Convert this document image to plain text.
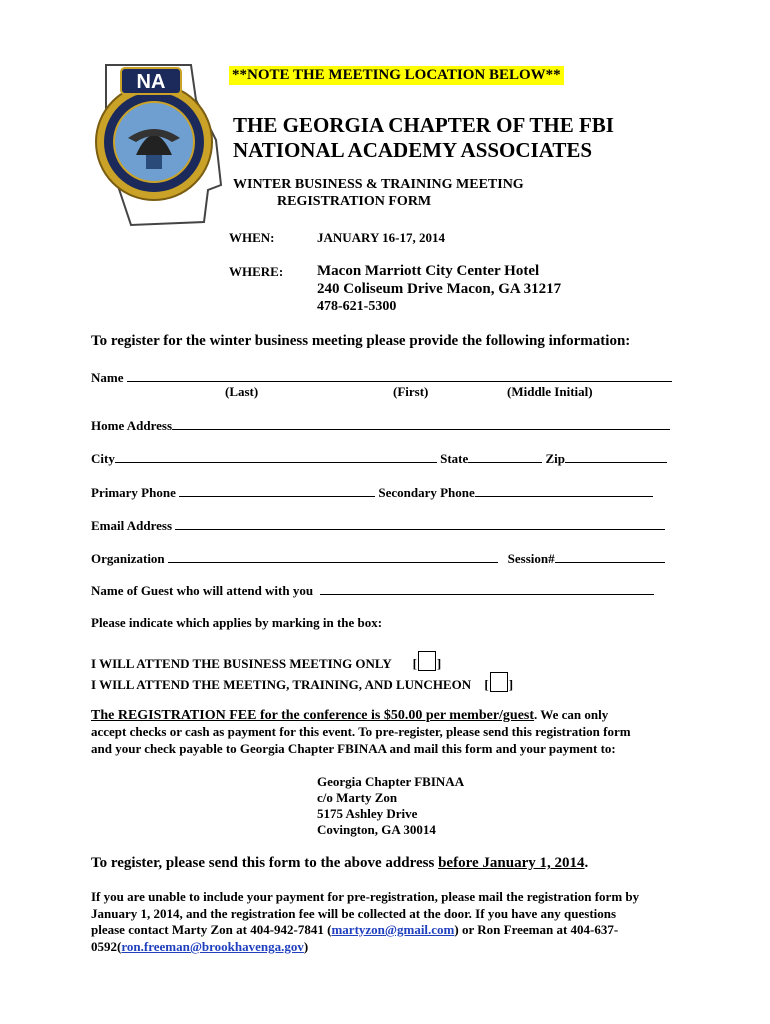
NA	**NOTE THE MEETING LOCATION BELOW**
THE GEORGIA CHAPTER OF THE FBI
NATIONAL ACADEMY ASSOCIATES
WINTER BUSINESS & TRAINING MEETING
REGISTRATION FORM
WHEN:	JANUARY 16-17, 2014
WHERE: Macon Marriott City Center Hotel
240 Coliseum Drive Macon, GA 31217
478-621-5300
To register for the winter business meeting please provide the following information:
Name
(Last)	(First)	(Middle Initial)
Home Address
City	State	Zip
Primary Phone	Secondary Phone
Email Address
Organization	Session#
Name of Guest who will attend with you
Please indicate which applies by marking in the box:
I WILL ATTEND THE BUSINESS MEETING ONLY [ ]
I WILL ATTEND THE MEETING, TRAINING, AND LUNCHEON [ ]
The REGISTRATION FEE for the conference is $50.00 per member/guest. We can only
accept checks or cash as payment for this event. To pre-register, please send this registration form
and your check payable to Georgia Chapter FBINAA and mail this form and your payment to:
Georgia Chapter FBINAA
c/o Marty Zon
5175 Ashley Drive
Covington, GA 30014
To register, please send this form to the above address before January 1, 2014.
If you are unable to include your payment for pre-registration, please mail the registration form by
January 1, 2014, and the registration fee will be collected at the door. If you have any questions
please contact Marty Zon at 404-942-7841 (martyzon@gmail.com) or Ron Freeman at 404-637-
0592(ron.freeman@brookhavenga.gov)
